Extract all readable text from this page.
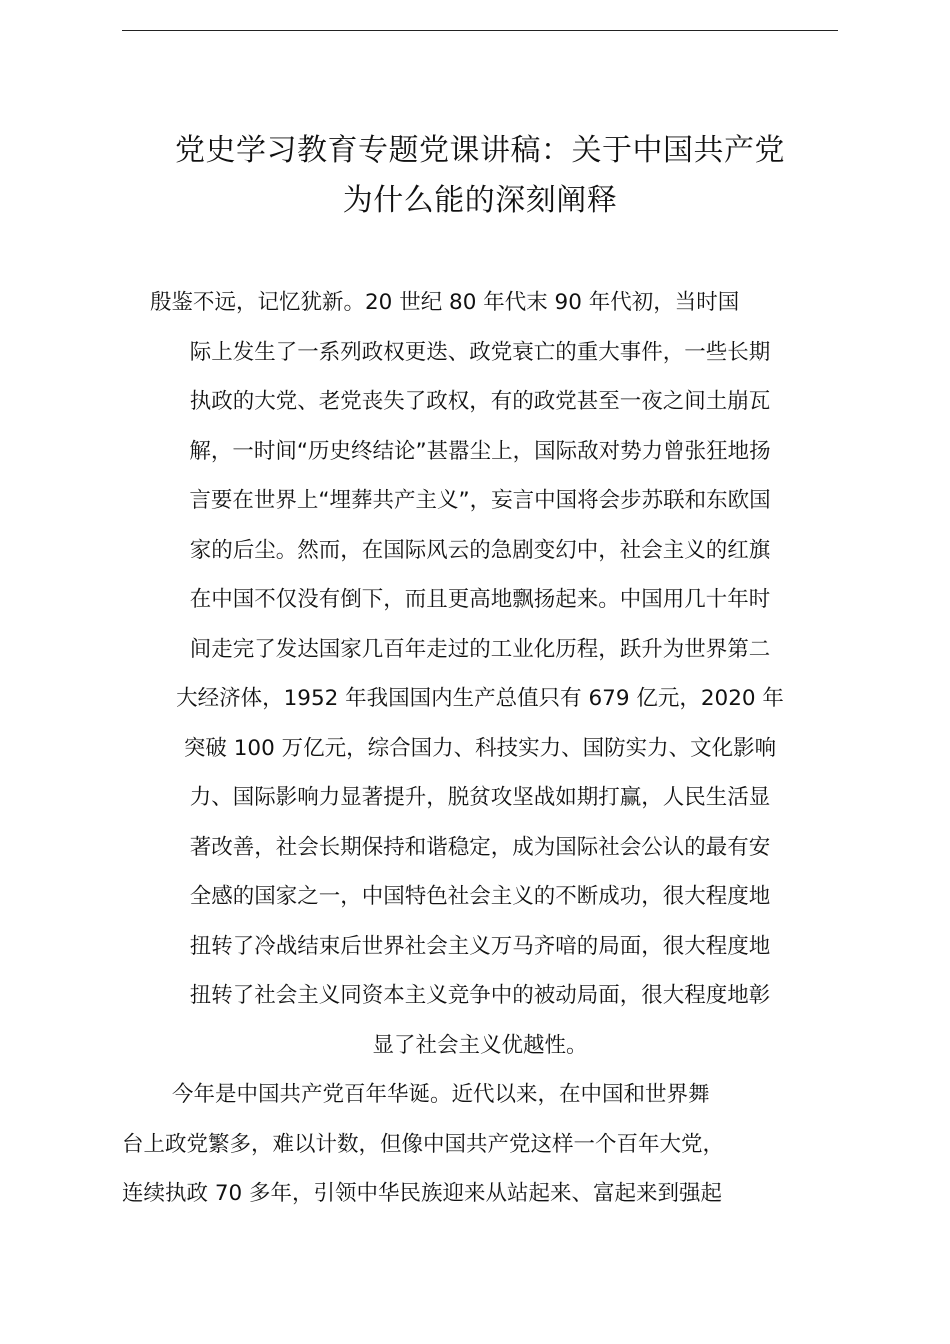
党史学习教育专题党课讲稿：关于中国共产党
为什么能的深刻阐释
殷鉴不远，记忆犹新。20 世纪 80 年代末 90 年代初，当时国
际上发生了一系列政权更迭、政党衰亡的重大事件，一些长期
执政的大党、老党丧失了政权，有的政党甚至一夜之间土崩瓦
解，一时间“历史终结论”甚嚣尘上，国际敌对势力曾张狂地扬
言要在世界上“埋葬共产主义”，妄言中国将会步苏联和东欧国
家的后尘。然而，在国际风云的急剧变幻中，社会主义的红旗
在中国不仅没有倒下，而且更高地飘扬起来。中国用几十年时
间走完了发达国家几百年走过的工业化历程，跃升为世界第二
大经济体，1952 年我国国内生产总值只有 679 亿元，2020 年
突破 100 万亿元，综合国力、科技实力、国防实力、文化影响
力、国际影响力显著提升，脱贫攻坚战如期打赢，人民生活显
著改善，社会长期保持和谐稳定，成为国际社会公认的最有安
全感的国家之一，中国特色社会主义的不断成功，很大程度地
扭转了冷战结束后世界社会主义万马齐喑的局面，很大程度地
扭转了社会主义同资本主义竞争中的被动局面，很大程度地彰
显了社会主义优越性。
今年是中国共产党百年华诞。近代以来，在中国和世界舞
台上政党繁多，难以计数，但像中国共产党这样一个百年大党，
连续执政 70 多年，引领中华民族迎来从站起来、富起来到强起
